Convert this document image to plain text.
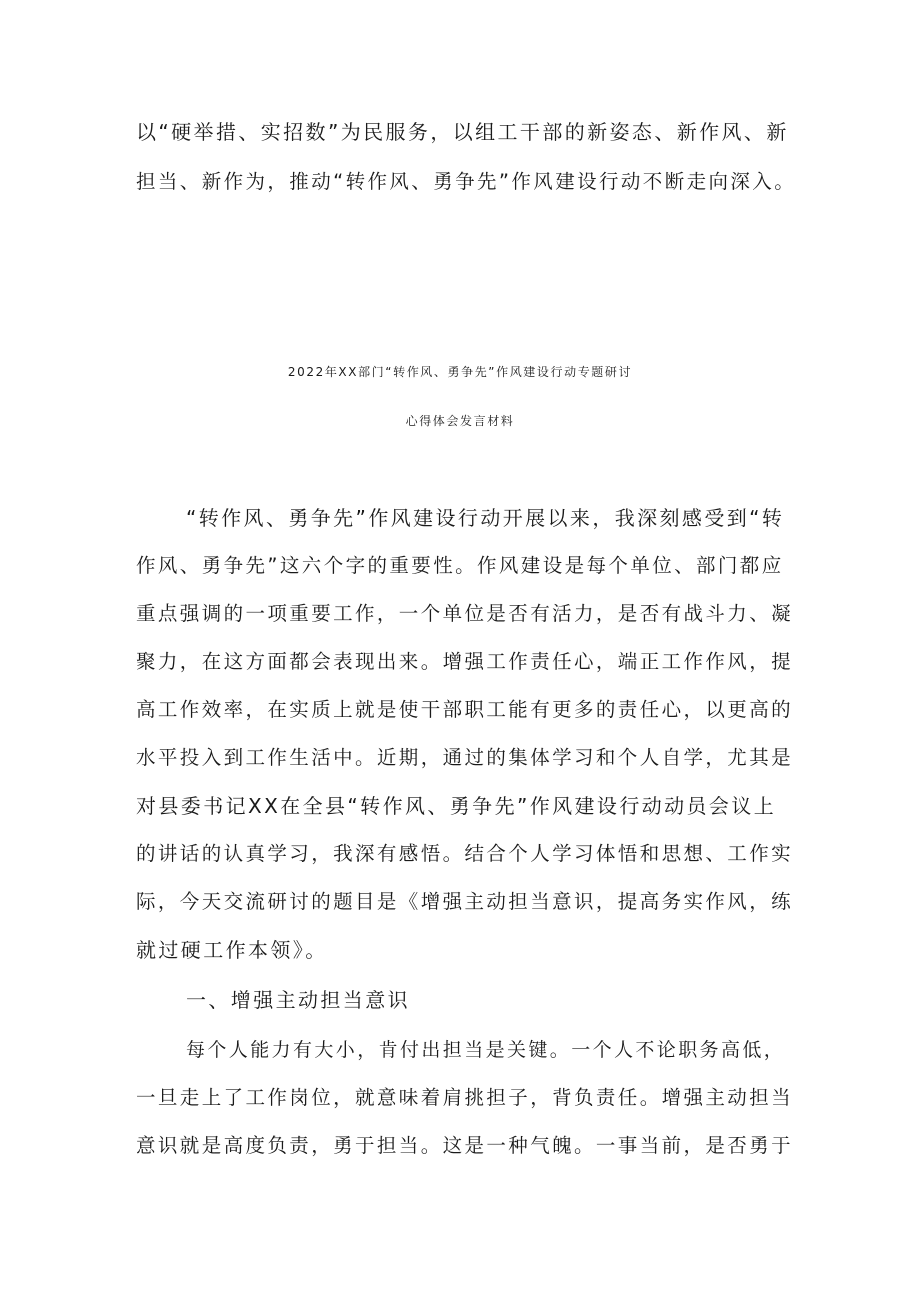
以“硬举措、实招数”为民服务，以组工干部的新姿态、新作风、新
担当、新作为，推动“转作风、勇争先”作风建设行动不断走向深入。
2022年XX部门“转作风、勇争先”作风建设行动专题研讨
心得体会发言材料
“转作风、勇争先”作风建设行动开展以来，我深刻感受到“转
作风、勇争先”这六个字的重要性。作风建设是每个单位、部门都应
重点强调的一项重要工作，一个单位是否有活力，是否有战斗力、凝
聚力，在这方面都会表现出来。增强工作责任心，端正工作作风，提
高工作效率，在实质上就是使干部职工能有更多的责任心，以更高的
水平投入到工作生活中。近期，通过的集体学习和个人自学，尤其是
对县委书记XX在全县“转作风、勇争先”作风建设行动动员会议上
的讲话的认真学习，我深有感悟。结合个人学习体悟和思想、工作实
际，今天交流研讨的题目是《增强主动担当意识，提高务实作风，练
就过硬工作本领》。
一、增强主动担当意识
每个人能力有大小，肯付出担当是关键。一个人不论职务高低，
一旦走上了工作岗位，就意味着肩挑担子，背负责任。增强主动担当
意识就是高度负责，勇于担当。这是一种气魄。一事当前，是否勇于
